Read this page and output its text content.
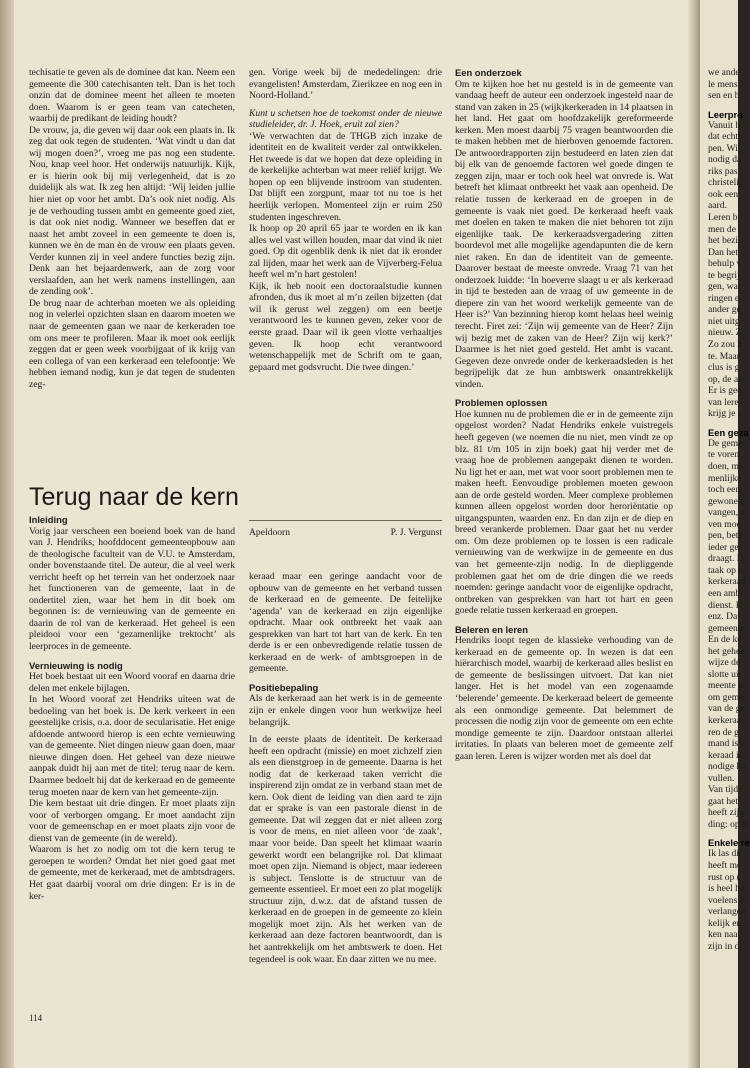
techisatie te geven als de dominee dat kan. Neem een gemeente die 300 catechisanten telt. Dan is het toch onzin dat de dominee meent het alleen te moeten doen. Waarom is er geen team van catecheten, waarbij de predikant de leiding houdt?

De vrouw, ja, die geven wij daar ook een plaats in. Ik zeg dat ook tegen de studenten. ‘Wat vindt u dan dat wij mogen doen?’, vroeg me pas nog een studente. Nou, knap veel hoor. Het onderwijs natuurlijk. Kijk, er is hierin ook bij mij verlegenheid, dat is zo duidelijk als wat. Ik zeg hen altijd: ‘Wij leiden jullie hier niet op voor het ambt. Da’s ook niet nodig. Als je de verhouding tussen ambt en gemeente goed ziet, is dat ook niet nodig. Wanneer we beseffen dat er naast het ambt zoveel in een gemeente te doen is, kunnen we èn de man èn de vrouw een plaats geven. Verder kunnen zij in veel andere functies bezig zijn. Denk aan het bejaardenwerk, aan de zorg voor verslaafden, aan het werk namens instellingen, aan de zending ook’.

De brug naar de achterban moeten we als opleiding nog in velerlei opzichten slaan en daarom moeten we naar de gemeenten gaan we naar de kerkeraden toe om ons meer te profileren. Maar ik moet ook eerlijk zeggen dat er geen week voorbijgaat of ik krijg van een collega of van een kerkeraad een telefoontje: We hebben iemand nodig, kun je dat tegen de studenten zeg-

gen. Vorige week bij de mededelingen: drie evangelisten! Amsterdam, Zierikzee en nog een in Noord-Holland.’

Kunt u schetsen hoe de toekomst onder de nieuwe studieleider, dr. J. Hoek, eruit zal zien?

‘We verwachten dat de THGB zich inzake de identiteit en de kwaliteit verder zal ontwikkelen. Het tweede is dat we hopen dat deze opleiding in de kerkelijke achterban wat meer reliëf krijgt. We hopen op een blijvende instroom van studenten. Dat blijft een zorgpunt, maar tot nu toe is het heerlijk verlopen. Momenteel zijn er ruim 250 studenten ingeschreven.

Ik hoop op 20 april 65 jaar te worden en ik kan alles wel vast willen houden, maar dat vind ik niet goed. Op dit ogenblik denk ik niet dat ik eronder zal lijden, maar het werk aan de Vijverberg-Felua heeft wel m’n hart gestolen!

Kijk, ik heb nooit een doctoraalstudie kunnen afronden, dus ik moet al m’n zeilen bijzetten (dat wil ik gerust wel zeggen) om een beetje verantwoord les te kunnen geven, zeker voor de eerste graad. Daar wil ik geen vlotte verhaaltjes geven. Ik hoop echt verantwoord wetenschappelijk met de Schrift om te gaan, gepaard met godsvrucht. Die twee dingen.’

Apeldoorn	P. J. Vergunst

Een onderzoek

Om te kijken hoe het nu gesteld is in de gemeente van vandaag heeft de auteur een onderzoek ingesteld naar de stand van zaken in 25 (wijk)kerkeraden in 14 plaatsen in het land. Het gaat om hoofdzakelijk gereformeerde kerken. Men moest daarbij 75 vragen beantwoorden die te maken hebben met de hierboven genoemde factoren. De antwoordrapporten zijn bestudeerd en laten zien dat bij elk van de genoemde factoren wel goede dingen te zeggen zijn, maar er toch ook heel wat onvrede is. Wat betreft het klimaat ontbreekt het vaak aan openheid. De relatie tussen de kerkeraad en de groepen in de gemeente is vaak niet goed. De kerkeraad heeft vaak met doelen en taken te maken die niet behoren tot zijn eigenlijke taak. De kerkeraadsvergadering zitten boordevol met alle mogelijke agendapunten die de kern niet raken. En dan de identiteit van de gemeente. Daarover bestaat de meeste onvrede. Vraag 71 van het onderzoek luidde: ‘In hoeverre slaagt u er als kerkeraad in tijd te besteden aan de vraag of uw gemeente in de diepere zin van het woord werkelijk gemeente van de Heer is?’ Van bezinning hierop komt helaas heel weinig terecht. Firet zei: ‘Zijn wij gemeente van de Heer? Zijn wij bezig met de zaken van de Heer? Zijn wij kerk?’ Daarmee is het niet goed gesteld. Het ambt is vacant. Gegeven deze onvrede onder de kerkeraadsleden is het begrijpelijk dat ze hun ambtswerk onaantrekkelijk vinden.

Problemen oplossen

Hoe kunnen nu de problemen die er in de gemeente zijn opgelost worden? Nadat Hendriks enkele vuistregels heeft gegeven (we noemen die nu niet, men vindt ze op blz. 81 t/m 105 in zijn boek) gaat hij verder met de vraag hoe de problemen aangepakt dienen te worden. Nu ligt het er aan, met wat voor soort problemen men te maken heeft. Eenvoudige problemen moeten gewoon aan de orde gesteld worden. Meer complexe problemen kunnen alleen opgelost worden door heroriëntatie op uitgangspunten, waarden enz. En dan zijn er de diep en breed verankerde problemen. Daar gaat het nu verder om. Om deze problemen op te lossen is een radicale vernieuwing van de werkwijze in de gemeente en dus van het gemeente-zijn nodig. In de diepliggende problemen gaat het om de drie dingen die we reeds noemden: geringe aandacht voor de eigenlijke opdracht, ontbreken van gesprekken van hart tot hart en geen goede relatie tussen kerkeraad en groepen.

Beleren en leren

Hendriks loopt tegen de klassieke verhouding van de kerkeraad en de gemeente op. In wezen is dat een hiërarchisch model, waarbij de kerkeraad alles beslist en de gemeente de beslissingen uitvoert. Dat kan niet langer. Het is het model van een zogenaamde ‘belerende’ gemeente. De kerkeraad beleert de gemeente als een onmondige gemeente. Dat belemmert de processen die nodig zijn voor de gemeente om een echte mondige gemeente te zijn. Daardoor ontstaan allerlei irritaties. In plaats van beleren moet de gemeente zelf gaan leren. Leren is wijzer worden met als doel dat

Terug naar de kern

Inleiding

Vorig jaar verscheen een boeiend boek van de hand van J. Hendriks, hoofddocent gemeenteopbouw aan de theologische faculteit van de V.U. te Amsterdam, onder bovenstaande titel. De auteur, die al veel werk verricht heeft op het terrein van het onderzoek naar het functioneren van de gemeente, laat in de ondertitel zien, waar het hem in dit boek om begonnen is: de vernieuwing van de gemeente en daarin de rol van de kerkeraad. Het geheel is een pleidooi voor een ‘gezamenlijke trektocht’ als leerproces in de gemeente.

Vernieuwing is nodig

Het boek bestaat uit een Woord vooraf en daarna drie delen met enkele bijlagen.

In het Woord vooraf zet Hendriks uiteen wat de bedoeling van het boek is. De kerk verkeert in een geestelijke crisis, o.a. door de secularisatie. Het enige afdoende antwoord hierop is een echte vernieuwing van de gemeente. Niet dingen nieuw gaan doen, maar nieuwe dingen doen. Het geheel van deze nieuwe aanpak duidt hij aan met de titel: terug naar de kern. Daarmee bedoelt hij dat de kerkeraad en de gemeente terug moeten naar de kern van het gemeente-zijn.

Die kern bestaat uit drie dingen. Er moet plaats zijn voor of verborgen omgang. Er moet aandacht zijn voor de gemeenschap en er moet plaats zijn voor de dienst van de gemeente (in de wereld).

Waarom is het zo nodig om tot die kern terug te geroepen te worden? Omdat het niet goed gaat met de gemeente, met de kerkeraad, met de ambtsdragers. Het gaat daarbij vooral om drie dingen: Er is in de ker-

keraad maar een geringe aandacht voor de opbouw van de gemeente en het verband tussen de kerkeraad en de gemeente. De feitelijke ‘agenda’ van de kerkeraad en zijn eigenlijke opdracht. Maar ook ontbreekt het vaak aan gesprekken van hart tot hart van de kerk. En ten derde is er een onbevredigende relatie tussen de kerkeraad en de werk- of ambtsgroepen in de gemeente.

Positiebepaling

Als de kerkeraad aan het werk is in de gemeente zijn er enkele dingen voor hun werkwijze heel belangrijk.

In de eerste plaats de identiteit. De kerkeraad heeft een opdracht (missie) en moet zichzelf zien als een dienstgroep in de gemeente. Daarna is het nodig dat de kerkeraad taken verricht die inspirerend zijn omdat ze in verband staan met de kern. Ook dient de leiding van dien aard te zijn dat er sprake is van een pastorale dienst in de gemeente. Dat wil zeggen dat er niet alleen zorg is voor de mens, en niet alleen voor ‘de zaak’, maar voor beide. Dan speelt het klimaat waarin gewerkt wordt een belangrijke rol. Dat klimaat moet open zijn. Niemand is object, maar iedereen is subject. Tenslotte is de structuur van de gemeente essentieel. Er moet een zo plat mogelijk structuur zijn, d.w.z. dat de afstand tussen de kerkeraad en de groepen in de gemeente zo klein mogelijk moet zijn. Als het werken van de kerkeraad aan deze factoren beantwoordt, dan is het aantrekkelijk om het ambtswerk te doen. Het tegendeel is ook waar. En daar zitten we nu mee.

114
we ande
le mens
sen en h
Leerpro
Vanuit h
dat echte
pen. Wil
nodig da
riks pas
christelij
ook een
aard.
Leren b
men de
het bezi
Dan het
behulp v
te begrij
gen, war
ringen e
ander ge
niet uitg
nieuw. Z
Zo zou h
te. Maar
clus is g
op, de ar
Er is gee
van lere
krijg je e
Een geza
De geme
te voren
doen, ma
menlijke
toch een
gewone g
vangen, e
ven moe
pen, bete
ieder ger
draagt. D
taak op e
kerkeraad
een ambt
dienst. H
enz. Dat
gemeente
En de ke
het gehee
wijze de
slotte uit
meente h
om geme
van de ge
kerkeraac
ren de g
mand is c
keraad is
nodige ha
vullen.
Van tijd
gaat het
heeft zijn
ding: op h
Enkele re
Ik las dit
heeft me
rust op (
is heel ho
voelens v
verlangen
kelijk en
ken naar
zijn in d
